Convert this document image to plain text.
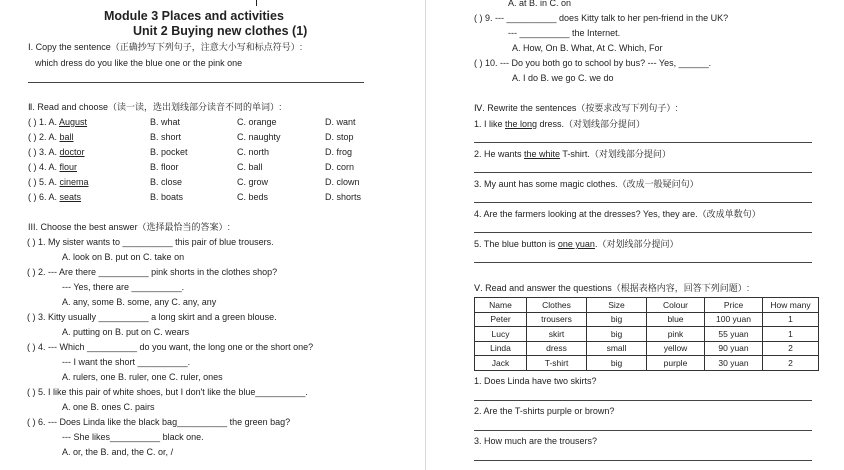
Module 3 Places and activities
Unit 2 Buying new clothes (1)
Ⅰ. Copy the sentence（正确抄写下列句子，注意大小写和标点符号）:
which dress do you like the blue one or the pink one
Ⅱ. Read and choose（读一读，选出划线部分读音不同的单词）:
( ) 1. A. August	B. what	C. orange	D. want
( ) 2. A. ball	B. short	C. naughty	D. stop
( ) 3. A. doctor	B. pocket	C. north	D. frog
( ) 4. A. flour	B. floor	C. ball	D. corn
( ) 5. A. cinema	B. close	C. grow	D. clown
( ) 6. A. seats	B. boats	C. beds	D. shorts
III. Choose the best answer（选择最恰当的答案）:
( ) 1. My sister wants to __________ this pair of blue trousers.
A. look on B. put on C. take on
( ) 2. --- Are there __________ pink shorts in the clothes shop?
--- Yes, there are __________.
A. any, some B. some, any C. any, any
( ) 3. Kitty usually __________ a long skirt and a green blouse.
A. putting on B. put on C. wears
( ) 4. --- Which __________ do you want, the long one or the short one?
--- I want the short __________.
A. rulers, one B. ruler, one C. ruler, ones
( ) 5. I like this pair of white shoes, but I don't like the blue__________.
A. one B. ones C. pairs
( ) 6. --- Does Linda like the black bag__________ the green bag?
--- She likes__________ black one.
A. or, the B. and, the C. or, /
A. at B. in C. on
( ) 9. --- __________ does Kitty talk to her pen-friend in the UK?
--- __________ the Internet.
A. How, On B. What, At C. Which, For
( ) 10. --- Do you both go to school by bus? --- Yes, ______.
A. I do B. we go C. we do
Ⅳ. Rewrite the sentences（按要求改写下列句子）:
1. I like the long dress.（对划线部分提问）
2. He wants the white T-shirt.（对划线部分提问）
3. My aunt has some magic clothes.（改成一般疑问句）
4. Are the farmers looking at the dresses? Yes, they are.（改成单数句）
5. The blue button is one yuan.（对划线部分提问）
Ⅴ. Read and answer the questions（根据表格内容，回答下列问题）:
Name	Clothes	Size	Colour	Price	How many
Peter	trousers	big	blue	100 yuan	1
Lucy	skirt	big	pink	55 yuan	1
Linda	dress	small	yellow	90 yuan	2
Jack	T-shirt	big	purple	30 yuan	2
1. Does Linda have two skirts?
2. Are the T-shirts purple or brown?
3. How much are the trousers?
